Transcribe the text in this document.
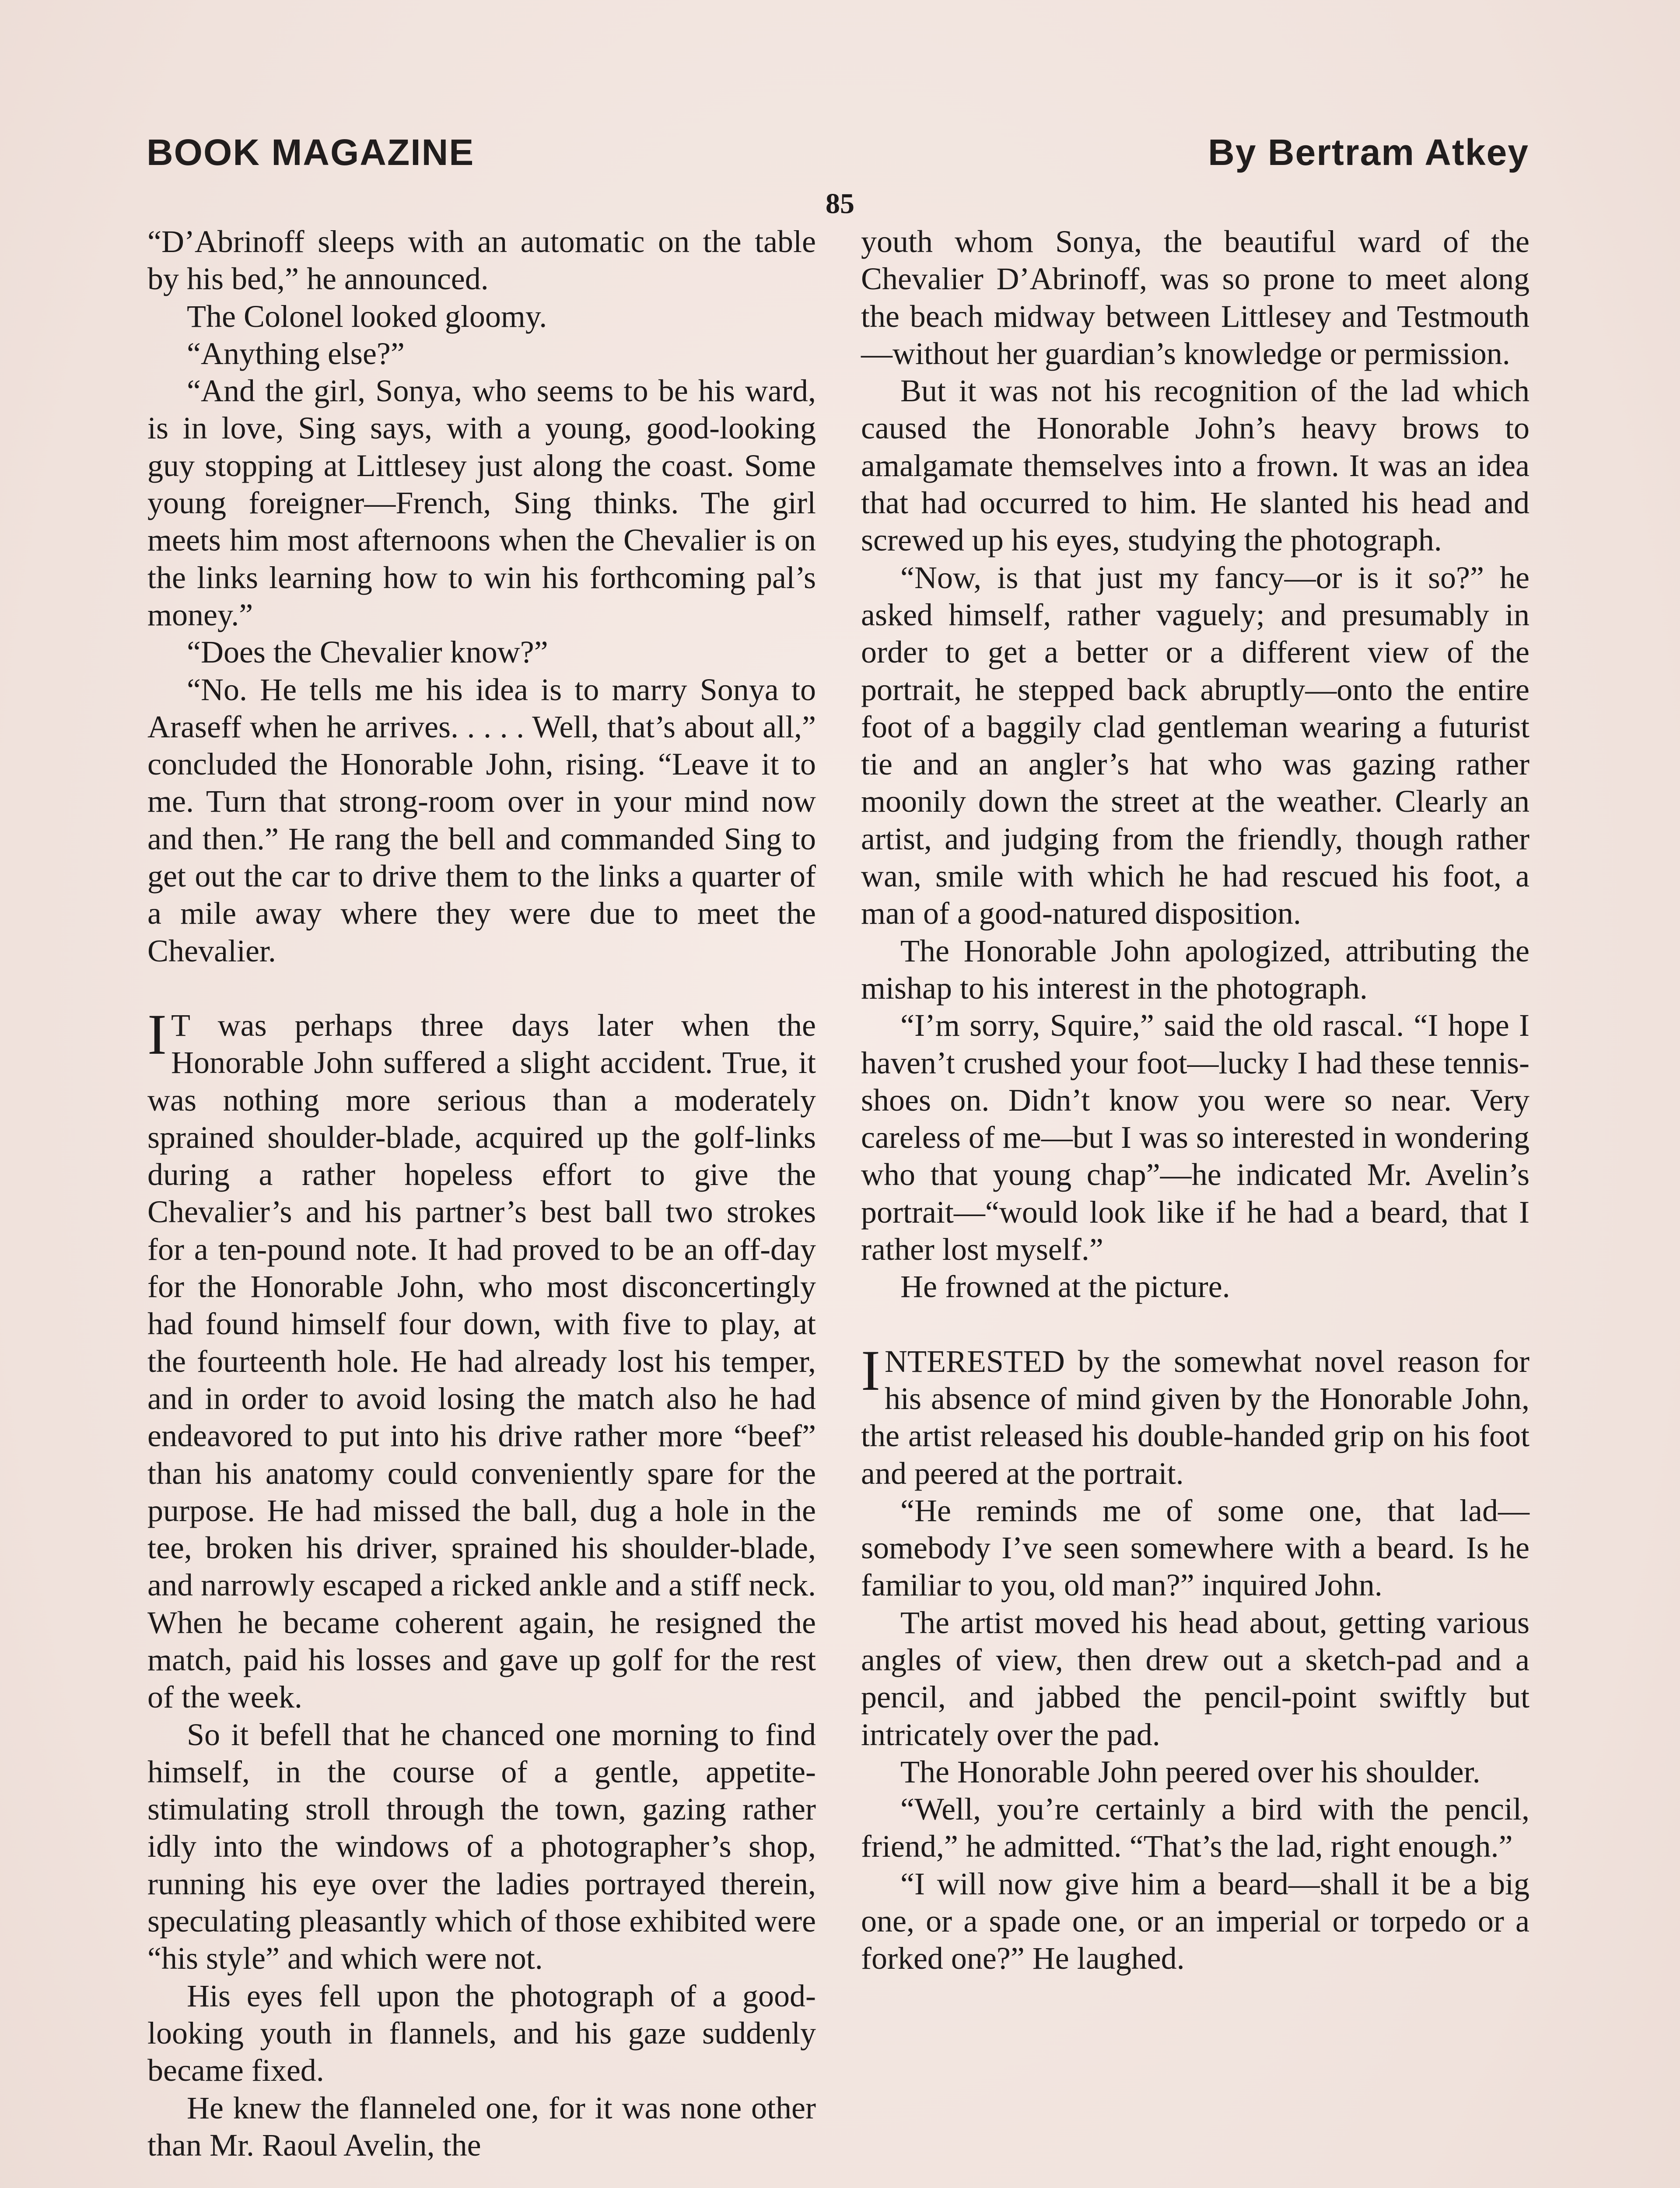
BOOK MAGAZINE	By Bertram Atkey
85

“D’Abrinoff sleeps with an automatic on the table by his bed,” he announced.

The Colonel looked gloomy.

“Anything else?”

“And the girl, Sonya, who seems to be his ward, is in love, Sing says, with a young, good-looking guy stopping at Littlesey just along the coast. Some young foreigner—French, Sing thinks. The girl meets him most afternoons when the Chevalier is on the links learning how to win his forthcoming pal’s money.”

“Does the Chevalier know?”

“No. He tells me his idea is to marry Sonya to Araseff when he arrives. . . . . Well, that’s about all,” concluded the Honorable John, rising. “Leave it to me. Turn that strong-room over in your mind now and then.” He rang the bell and commanded Sing to get out the car to drive them to the links a quarter of a mile away where they were due to meet the Chevalier.

I T was perhaps three days later when the Honorable John suffered a slight accident. True, it was nothing more serious than a moderately sprained shoulder-blade, acquired up the golf-links during a rather hopeless effort to give the Chevalier’s and his partner’s best ball two strokes for a ten-pound note. It had proved to be an off-day for the Honorable John, who most disconcertingly had found himself four down, with five to play, at the fourteenth hole. He had already lost his temper, and in order to avoid losing the match also he had endeavored to put into his drive rather more “beef” than his anatomy could conveniently spare for the purpose. He had missed the ball, dug a hole in the tee, broken his driver, sprained his shoulder-blade, and narrowly escaped a ricked ankle and a stiff neck. When he became coherent again, he resigned the match, paid his losses and gave up golf for the rest of the week.

So it befell that he chanced one morning to find himself, in the course of a gentle, appetite-stimulating stroll through the town, gazing rather idly into the windows of a photographer’s shop, running his eye over the ladies portrayed therein, speculating pleasantly which of those exhibited were “his style” and which were not.

His eyes fell upon the photograph of a good-looking youth in flannels, and his gaze suddenly became fixed.

He knew the flanneled one, for it was none other than Mr. Raoul Avelin, the

youth whom Sonya, the beautiful ward of the Chevalier D’Abrinoff, was so prone to meet along the beach midway between Littlesey and Testmouth—without her guardian’s knowledge or permission.

But it was not his recognition of the lad which caused the Honorable John’s heavy brows to amalgamate themselves into a frown. It was an idea that had occurred to him. He slanted his head and screwed up his eyes, studying the photograph.

“Now, is that just my fancy—or is it so?” he asked himself, rather vaguely; and presumably in order to get a better or a different view of the portrait, he stepped back abruptly—onto the entire foot of a baggily clad gentleman wearing a futurist tie and an angler’s hat who was gazing rather moonily down the street at the weather. Clearly an artist, and judging from the friendly, though rather wan, smile with which he had rescued his foot, a man of a good-natured disposition.

The Honorable John apologized, attributing the mishap to his interest in the photograph.

“I’m sorry, Squire,” said the old rascal. “I hope I haven’t crushed your foot—lucky I had these tennis-shoes on. Didn’t know you were so near. Very careless of me—but I was so interested in wondering who that young chap”—he indicated Mr. Avelin’s portrait—“would look like if he had a beard, that I rather lost myself.”

He frowned at the picture.

INTERESTED by the somewhat novel reason for his absence of mind given by the Honorable John, the artist released his double-handed grip on his foot and peered at the portrait.

“He reminds me of some one, that lad—somebody I’ve seen somewhere with a beard. Is he familiar to you, old man?” inquired John.

The artist moved his head about, getting various angles of view, then drew out a sketch-pad and a pencil, and jabbed the pencil-point swiftly but intricately over the pad.

The Honorable John peered over his shoulder.

“Well, you’re certainly a bird with the pencil, friend,” he admitted. “That’s the lad, right enough.”

“I will now give him a beard—shall it be a big one, or a spade one, or an imperial or torpedo or a forked one?” He laughed.
